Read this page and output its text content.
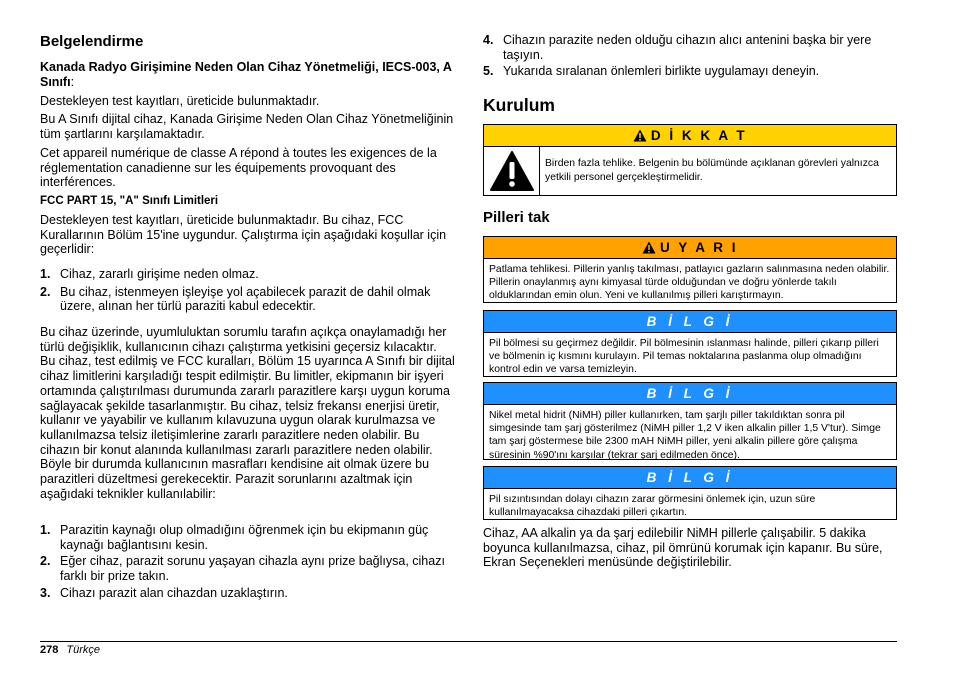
Belgelendirme

Kanada Radyo Girişimine Neden Olan Cihaz Yönetmeliği, IECS-003, A Sınıfı:

Destekleyen test kayıtları, üreticide bulunmaktadır.

Bu A Sınıfı dijital cihaz, Kanada Girişime Neden Olan Cihaz Yönetmeliğinin tüm şartlarını karşılamaktadır.

Cet appareil numérique de classe A répond à toutes les exigences de la réglementation canadienne sur les équipements provoquant des interférences.

FCC PART 15, "A" Sınıfı Limitleri

Destekleyen test kayıtları, üreticide bulunmaktadır. Bu cihaz, FCC Kurallarının Bölüm 15'ine uygundur. Çalıştırma için aşağıdaki koşullar için geçerlidir:

1. Cihaz, zararlı girişime neden olmaz.
2. Bu cihaz, istenmeyen işleyişe yol açabilecek parazit de dahil olmak üzere, alınan her türlü paraziti kabul edecektir.

Bu cihaz üzerinde, uyumluluktan sorumlu tarafın açıkça onaylamadığı her türlü değişiklik, kullanıcının cihazı çalıştırma yetkisini geçersiz kılacaktır. Bu cihaz, test edilmiş ve FCC kuralları, Bölüm 15 uyarınca A Sınıfı bir dijital cihaz limitlerini karşıladığı tespit edilmiştir. Bu limitler, ekipmanın bir işyeri ortamında çalıştırılması durumunda zararlı parazitlere karşı uygun koruma sağlayacak şekilde tasarlanmıştır. Bu cihaz, telsiz frekansı enerjisi üretir, kullanır ve yayabilir ve kullanım kılavuzuna uygun olarak kurulmazsa ve kullanılmazsa telsiz iletişimlerine zararlı parazitlere neden olabilir. Bu cihazın bir konut alanında kullanılması zararlı parazitlere neden olabilir. Böyle bir durumda kullanıcının masrafları kendisine ait olmak üzere bu parazitleri düzeltmesi gerekecektir. Parazit sorunlarını azaltmak için aşağıdaki teknikler kullanılabilir:

1. Parazitin kaynağı olup olmadığını öğrenmek için bu ekipmanın güç kaynağı bağlantısını kesin.
2. Eğer cihaz, parazit sorunu yaşayan cihazla aynı prize bağlıysa, cihazı farklı bir prize takın.
3. Cihazı parazit alan cihazdan uzaklaştırın.
4. Cihazın parazite neden olduğu cihazın alıcı antenini başka bir yere taşıyın.
5. Yukarıda sıralanan önlemleri birlikte uygulamayı deneyin.
Kurulum
D İ K K A T
Birden fazla tehlike. Belgenin bu bölümünde açıklanan görevleri yalnızca yetkili personel gerçekleştirmelidir.
Pilleri tak
U Y A R I
Patlama tehlikesi. Pillerin yanlış takılması, patlayıcı gazların salınmasına neden olabilir. Pillerin onaylanmış aynı kimyasal türde olduğundan ve doğru yönlerde takılı olduklarından emin olun. Yeni ve kullanılmış pilleri karıştırmayın.
B İ L G İ
Pil bölmesi su geçirmez değildir. Pil bölmesinin ıslanması halinde, pilleri çıkarıp pilleri ve bölmenin iç kısmını kurulayın. Pil temas noktalarına paslanma olup olmadığını kontrol edin ve varsa temizleyin.
B İ L G İ
Nikel metal hidrit (NiMH) piller kullanırken, tam şarjlı piller takıldıktan sonra pil simgesinde tam şarj gösterilmez (NiMH piller 1,2 V iken alkalin piller 1,5 V'tur). Simge tam şarj göstermese bile 2300 mAH NiMH piller, yeni alkalin pillere göre çalışma süresinin %90'ını karşılar (tekrar şarj edilmeden önce).
B İ L G İ
Pil sızıntısından dolayı cihazın zarar görmesini önlemek için, uzun süre kullanılmayacaksa cihazdaki pilleri çıkartın.

Cihaz, AA alkalin ya da şarj edilebilir NiMH pillerle çalışabilir. 5 dakika boyunca kullanılmazsa, cihaz, pil ömrünü korumak için kapanır. Bu süre, Ekran Seçenekleri menüsünde değiştirilebilir.

278 Türkçe
